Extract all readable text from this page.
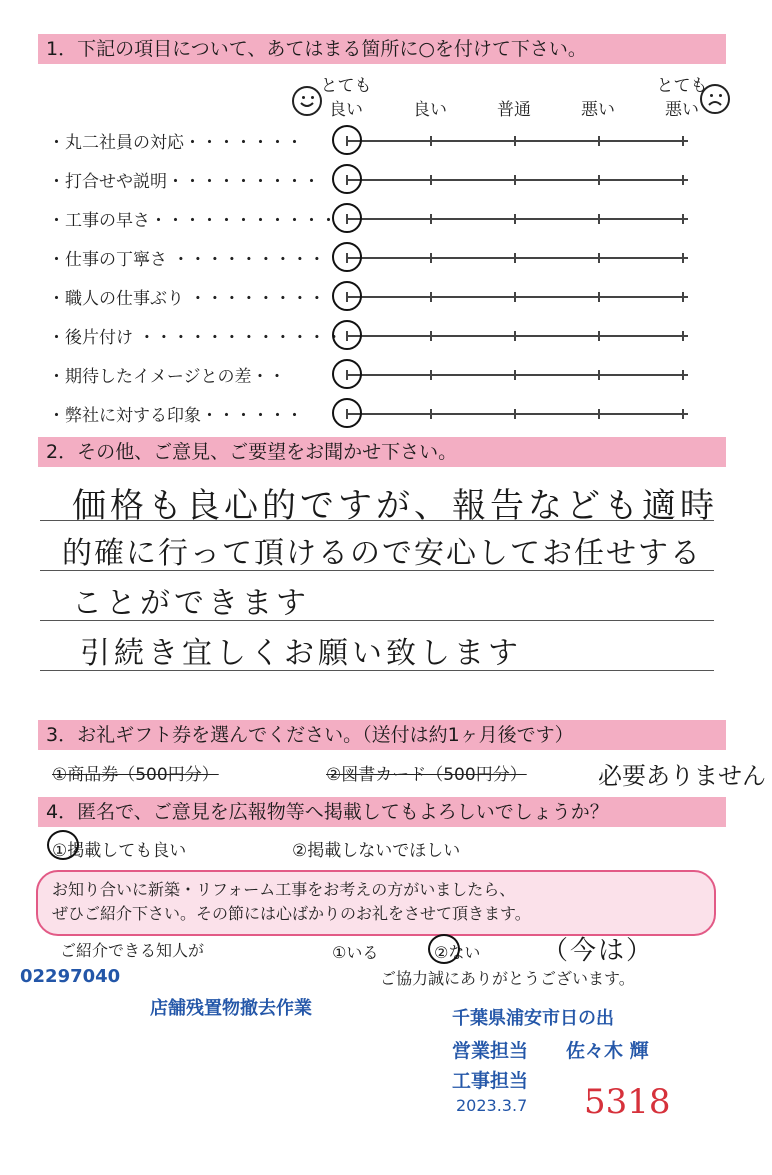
1．下記の項目について、あてはまる箇所に○を付けて下さい。
とても
良い	良い	普通	悪い
とても
悪い
・丸二社員の対応・・・・・・・
・打合せや説明・・・・・・・・・
・工事の早さ・・・・・・・・・・・
・仕事の丁寧さ ・・・・・・・・・
・職人の仕事ぶり ・・・・・・・・
・後片付け ・・・・・・・・・・・・
・期待したイメージとの差・・
・弊社に対する印象・・・・・・
2．その他、ご意見、ご要望をお聞かせ下さい。
価格も良心的ですが、報告なども適時
的確に行って頂けるので安心してお任せする
ことができます
引続き宜しくお願い致します
3．お礼ギフト券を選んでください。（送付は約1ヶ月後です）
①商品券（500円分）	②図書カード（500円分）	必要ありません
4．匿名で、ご意見を広報物等へ掲載してもよろしいでしょうか？
①掲載しても良い	②掲載しないでほしい
お知り合いに新築・リフォーム工事をお考えの方がいましたら、
ぜひご紹介下さい。その節には心ばかりのお礼をさせて頂きます。
ご紹介できる知人が	①いる	②ない （今は）
ご協力誠にありがとうございます。
02297040
店舗残置物撤去作業	千葉県浦安市日の出
営業担当 佐々木 輝
工事担当
2023.3.7 5318
